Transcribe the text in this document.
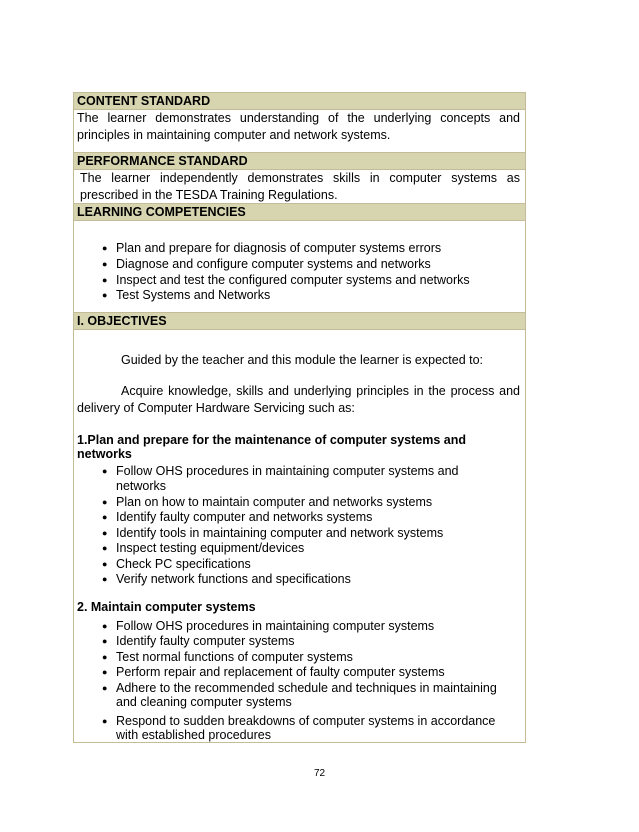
CONTENT STANDARD
The learner demonstrates understanding of the underlying concepts and principles in maintaining computer and network systems.
PERFORMANCE STANDARD
The learner independently demonstrates skills in computer systems as prescribed in the TESDA Training Regulations.
LEARNING COMPETENCIES
● Plan and prepare for diagnosis of computer systems errors
● Diagnose and configure computer systems and networks
● Inspect and test the configured computer systems and networks
● Test Systems and Networks
I. OBJECTIVES
Guided by the teacher and this module the learner is expected to:
Acquire knowledge, skills and underlying principles in the process and delivery of Computer Hardware Servicing such as:
1.Plan and prepare for the maintenance of computer systems and networks
● Follow OHS procedures in maintaining computer systems and networks
● Plan on how to maintain computer and networks systems
● Identify faulty computer and networks systems
● Identify tools in maintaining computer and network systems
● Inspect testing equipment/devices
● Check PC specifications
● Verify network functions and specifications
2. Maintain computer systems
● Follow OHS procedures in maintaining computer systems
● Identify faulty computer systems
● Test normal functions of computer systems
● Perform repair and replacement of faulty computer systems
● Adhere to the recommended schedule and techniques in maintaining and cleaning computer systems
● Respond to sudden breakdowns of computer systems in accordance with established procedures
72
